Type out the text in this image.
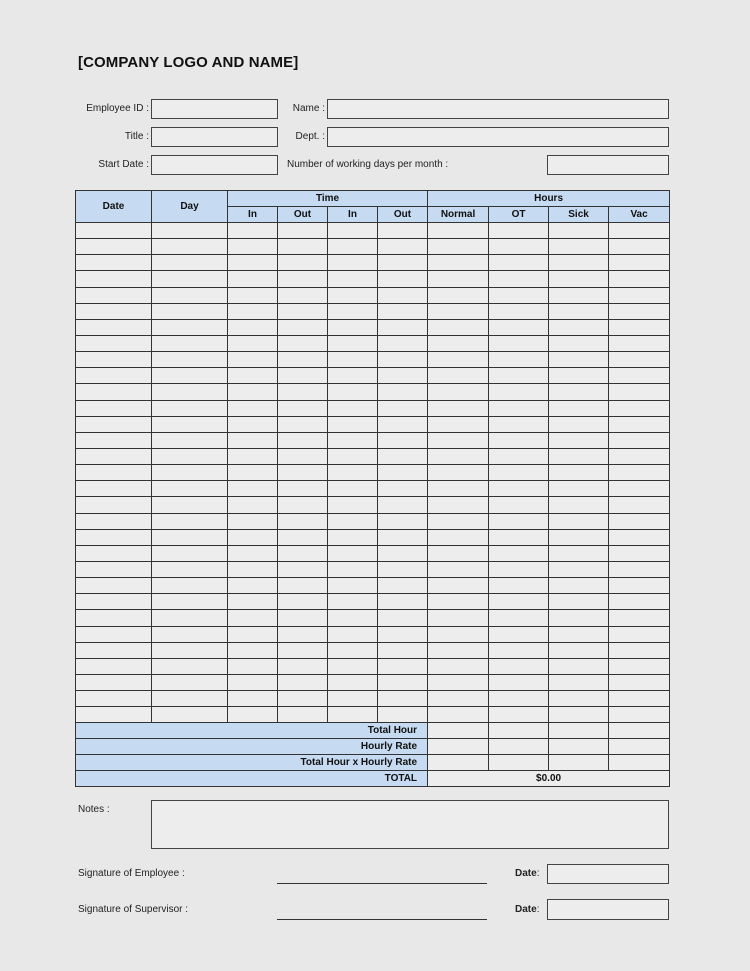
[COMPANY LOGO AND NAME]
Employee ID :	Name :
Title :	Dept. :
Start Date :	Number of working days per month :
Date	Day	Time				Hours			
		In	Out	In	Out	Normal	OT	Sick	Vac

Total Hour									
Hourly Rate									
Total Hour x Hourly Rate									
TOTAL						$0.00			
Notes :
Signature of Employee :	Date:
Signature of Supervisor :	Date:
